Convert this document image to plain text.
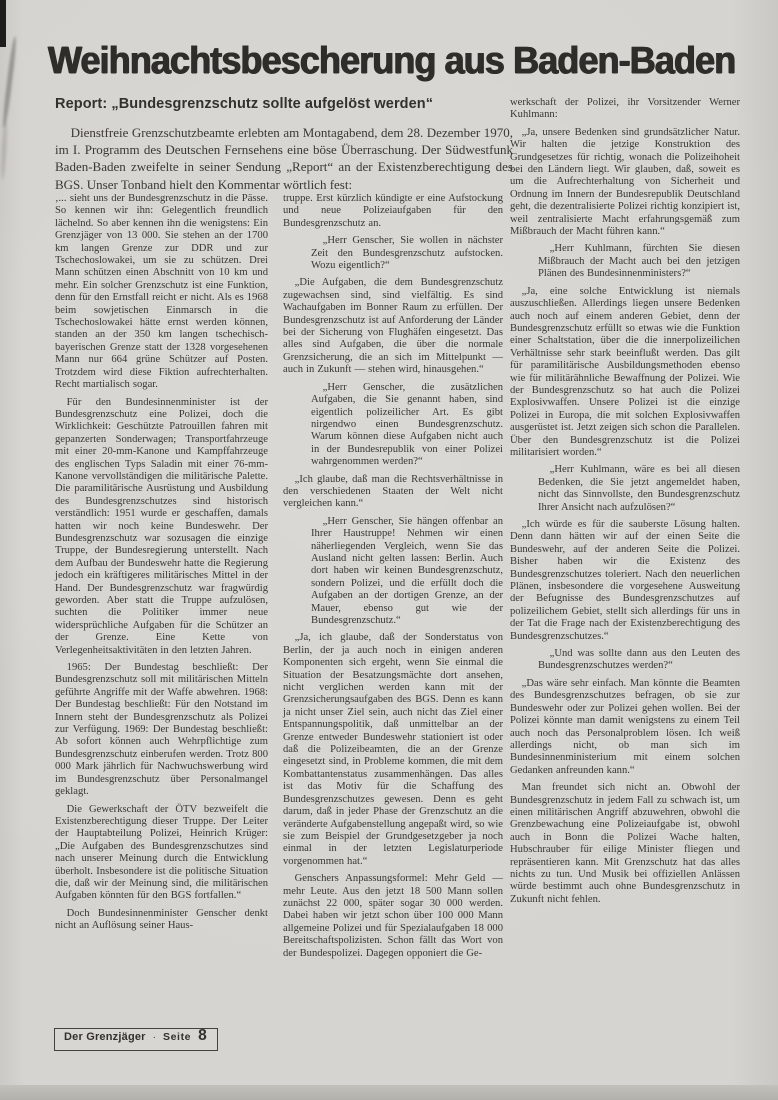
Weihnachtsbescherung aus Baden-Baden
Report: „Bundesgrenzschutz sollte aufgelöst werden“

Dienstfreie Grenzschutzbeamte erlebten am Montagabend, dem 28. Dezember 1970, im I. Programm des Deutschen Fernsehens eine böse Überraschung. Der Südwestfunk Baden-Baden zweifelte in seiner Sendung „Report“ an der Existenzberechtigung des BGS. Unser Tonband hielt den Kommentar wörtlich fest:

‚... sieht uns der Bundesgrenzschutz in die Pässe. So kennen wir ihn: Gelegentlich freundlich lächelnd. So aber kennen ihn die wenigstens: Ein Grenzjäger von 13 000. Sie stehen an der 1700 km langen Grenze zur DDR und zur Tschechoslowakei, um sie zu schützen. Drei Mann schützen einen Abschnitt von 10 km und mehr. Ein solcher Grenzschutz ist eine Funktion, denn für den Ernstfall reicht er nicht. Als es 1968 beim sowjetischen Einmarsch in die Tschechoslowakei hätte ernst werden können, standen an der 350 km langen tschechisch-bayerischen Grenze statt der 1328 vorgesehenen Mann nur 664 grüne Schützer auf Posten. Trotzdem wird diese Fiktion aufrechterhalten. Recht martialisch sogar.

Für den Bundesinnenminister ist der Bundesgrenzschutz eine Polizei, doch die Wirklichkeit: Geschützte Patrouillen fahren mit gepanzerten Sonderwagen; Transportfahrzeuge mit einer 20-mm-Kanone und Kampffahrzeuge des englischen Typs Saladin mit einer 76-mm-Kanone vervollständigen die militärische Palette. Die paramilitärische Ausrüstung und Ausbildung des Bundesgrenzschutzes sind historisch verständlich: 1951 wurde er geschaffen, damals hatten wir noch keine Bundeswehr. Der Bundesgrenzschutz war sozusagen die einzige Truppe, der Bundesregierung unterstellt. Nach dem Aufbau der Bundeswehr hatte die Regierung jedoch ein kräftigeres militärisches Mittel in der Hand. Der Bundesgrenzschutz war fragwürdig geworden. Aber statt die Truppe aufzulösen, suchten die Politiker immer neue widersprüchliche Aufgaben für die Schützer an der Grenze. Eine Kette von Verlegenheitsaktivitäten in den letzten Jahren.

1965: Der Bundestag beschließt: Der Bundesgrenzschutz soll mit militärischen Mitteln geführte Angriffe mit der Waffe abwehren. 1968: Der Bundestag beschließt: Für den Notstand im Innern steht der Bundesgrenzschutz als Polizei zur Verfügung. 1969: Der Bundestag beschließt: Ab sofort können auch Wehrpflichtige zum Bundesgrenzschutz einberufen werden. Trotz 800 000 Mark jährlich für Nachwuchswerbung wird im Bundesgrenzschutz über Personalmangel geklagt.

Die Gewerkschaft der ÖTV bezweifelt die Existenzberechtigung dieser Truppe. Der Leiter der Hauptabteilung Polizei, Heinrich Krüger: „Die Aufgaben des Bundesgrenzschutzes sind nach unserer Meinung durch die Entwicklung überholt. Insbesondere ist die politische Situation die, daß wir der Meinung sind, die militärischen Aufgaben könnten für den BGS fortfallen.“

Doch Bundesinnenminister Genscher denkt nicht an Auflösung seiner Haus-

truppe. Erst kürzlich kündigte er eine Aufstockung und neue Polizeiaufgaben für den Bundesgrenzschutz an.

„Herr Genscher, Sie wollen in nächster Zeit den Bundesgrenzschutz aufstocken. Wozu eigentlich?“

„Die Aufgaben, die dem Bundesgrenzschutz zugewachsen sind, sind vielfältig. Es sind Wachaufgaben im Bonner Raum zu erfüllen. Der Bundesgrenzschutz ist auf Anforderung der Länder bei der Sicherung von Flughäfen eingesetzt. Das alles sind Aufgaben, die über die normale Grenzsicherung, die an sich im Mittelpunkt — auch in Zukunft — stehen wird, hinausgehen.“

„Herr Genscher, die zusätzlichen Aufgaben, die Sie genannt haben, sind eigentlich polizeilicher Art. Es gibt nirgendwo einen Bundesgrenzschutz. Warum können diese Aufgaben nicht auch in der Bundesrepublik von einer Polizei wahrgenommen werden?“

„Ich glaube, daß man die Rechtsverhältnisse in den verschiedenen Staaten der Welt nicht vergleichen kann.“

„Herr Genscher, Sie hängen offenbar an Ihrer Haustruppe! Nehmen wir einen näherliegenden Vergleich, wenn Sie das Ausland nicht gelten lassen: Berlin. Auch dort haben wir keinen Bundesgrenzschutz, sondern Polizei, und die erfüllt doch die Aufgaben an der dortigen Grenze, an der Mauer, ebenso gut wie der Bundesgrenzschutz.“

„Ja, ich glaube, daß der Sonderstatus von Berlin, der ja auch noch in einigen anderen Komponenten sich ergeht, wenn Sie einmal die Situation der Besatzungsmächte dort ansehen, nicht verglichen werden kann mit der Grenzsicherungsaufgaben des BGS. Denn es kann ja nicht unser Ziel sein, auch nicht das Ziel einer Entspannungspolitik, daß unmittelbar an der Grenze entweder Bundeswehr stationiert ist oder daß die Polizeibeamten, die an der Grenze eingesetzt sind, in Probleme kommen, die mit dem Kombattantenstatus zusammenhängen. Das alles ist das Motiv für die Schaffung des Bundesgrenzschutzes gewesen. Denn es geht darum, daß in jeder Phase der Grenzschutz an die veränderte Aufgabenstellung angepaßt wird, so wie sie zum Beispiel der Grundgesetzgeber ja noch einmal in der letzten Legislaturperiode vorgenommen hat.“

Genschers Anpassungsformel: Mehr Geld — mehr Leute. Aus den jetzt 18 500 Mann sollen zunächst 22 000, später sogar 30 000 werden. Dabei haben wir jetzt schon über 100 000 Mann allgemeine Polizei und für Spezialaufgaben 18 000 Bereitschaftspolizisten. Schon fällt das Wort von der Bundespolizei. Dagegen opponiert die Ge-

werkschaft der Polizei, ihr Vorsitzender Werner Kuhlmann:

„Ja, unsere Bedenken sind grundsätzlicher Natur. Wir halten die jetzige Konstruktion des Grundgesetzes für richtig, wonach die Polizeihoheit bei den Ländern liegt. Wir glauben, daß, soweit es um die Aufrechterhaltung von Sicherheit und Ordnung im Innern der Bundesrepublik Deutschland geht, die dezentralisierte Polizei richtig konzipiert ist, weil zentralisierte Macht erfahrungsgemäß zum Mißbrauch der Macht führen kann.“

„Herr Kuhlmann, fürchten Sie diesen Mißbrauch der Macht auch bei den jetzigen Plänen des Bundesinnenministers?“

„Ja, eine solche Entwicklung ist niemals auszuschließen. Allerdings liegen unsere Bedenken auch noch auf einem anderen Gebiet, denn der Bundesgrenzschutz erfüllt so etwas wie die Funktion einer Schaltstation, über die die innerpolizeilichen Verhältnisse sehr stark beeinflußt werden. Das gilt für paramilitärische Ausbildungsmethoden ebenso wie für militärähnliche Bewaffnung der Polizei. Wie der Bundesgrenzschutz so hat auch die Polizei Explosivwaffen. Unsere Polizei ist die einzige Polizei in Europa, die mit solchen Explosivwaffen ausgerüstet ist. Jetzt zeigen sich schon die Parallelen. Über den Bundesgrenzschutz ist die Polizei militarisiert worden.“

„Herr Kuhlmann, wäre es bei all diesen Bedenken, die Sie jetzt angemeldet haben, nicht das Sinnvollste, den Bundesgrenzschutz Ihrer Ansicht nach aufzulösen?“

„Ich würde es für die sauberste Lösung halten. Denn dann hätten wir auf der einen Seite die Bundeswehr, auf der anderen Seite die Polizei. Bisher haben wir die Existenz des Bundesgrenzschutzes toleriert. Nach den neuerlichen Plänen, insbesondere die vorgesehene Ausweitung der Befugnisse des Bundesgrenzschutzes auf polizeilichem Gebiet, stellt sich allerdings für uns in der Tat die Frage nach der Existenzberechtigung des Bundesgrenzschutzes.“

„Und was sollte dann aus den Leuten des Bundesgrenzschutzes werden?“

„Das wäre sehr einfach. Man könnte die Beamten des Bundesgrenzschutzes befragen, ob sie zur Bundeswehr oder zur Polizei gehen wollen. Bei der Polizei könnte man damit wenigstens zu einem Teil auch noch das Personalproblem lösen. Ich weiß allerdings nicht, ob man sich im Bundesinnenministerium mit einem solchen Gedanken anfreunden kann.“

Man freundet sich nicht an. Obwohl der Bundesgrenzschutz in jedem Fall zu schwach ist, um einen militärischen Angriff abzuwehren, obwohl die Grenzbewachung eine Polizeiaufgabe ist, obwohl auch in Bonn die Polizei Wache halten, Hubschrauber für eilige Minister fliegen und repräsentieren kann. Mit Grenzschutz hat das alles nichts zu tun. Und Musik bei offiziellen Anlässen würde bestimmt auch ohne Bundesgrenzschutz in Zukunft nicht fehlen.

Der Grenzjäger · Seite 8
